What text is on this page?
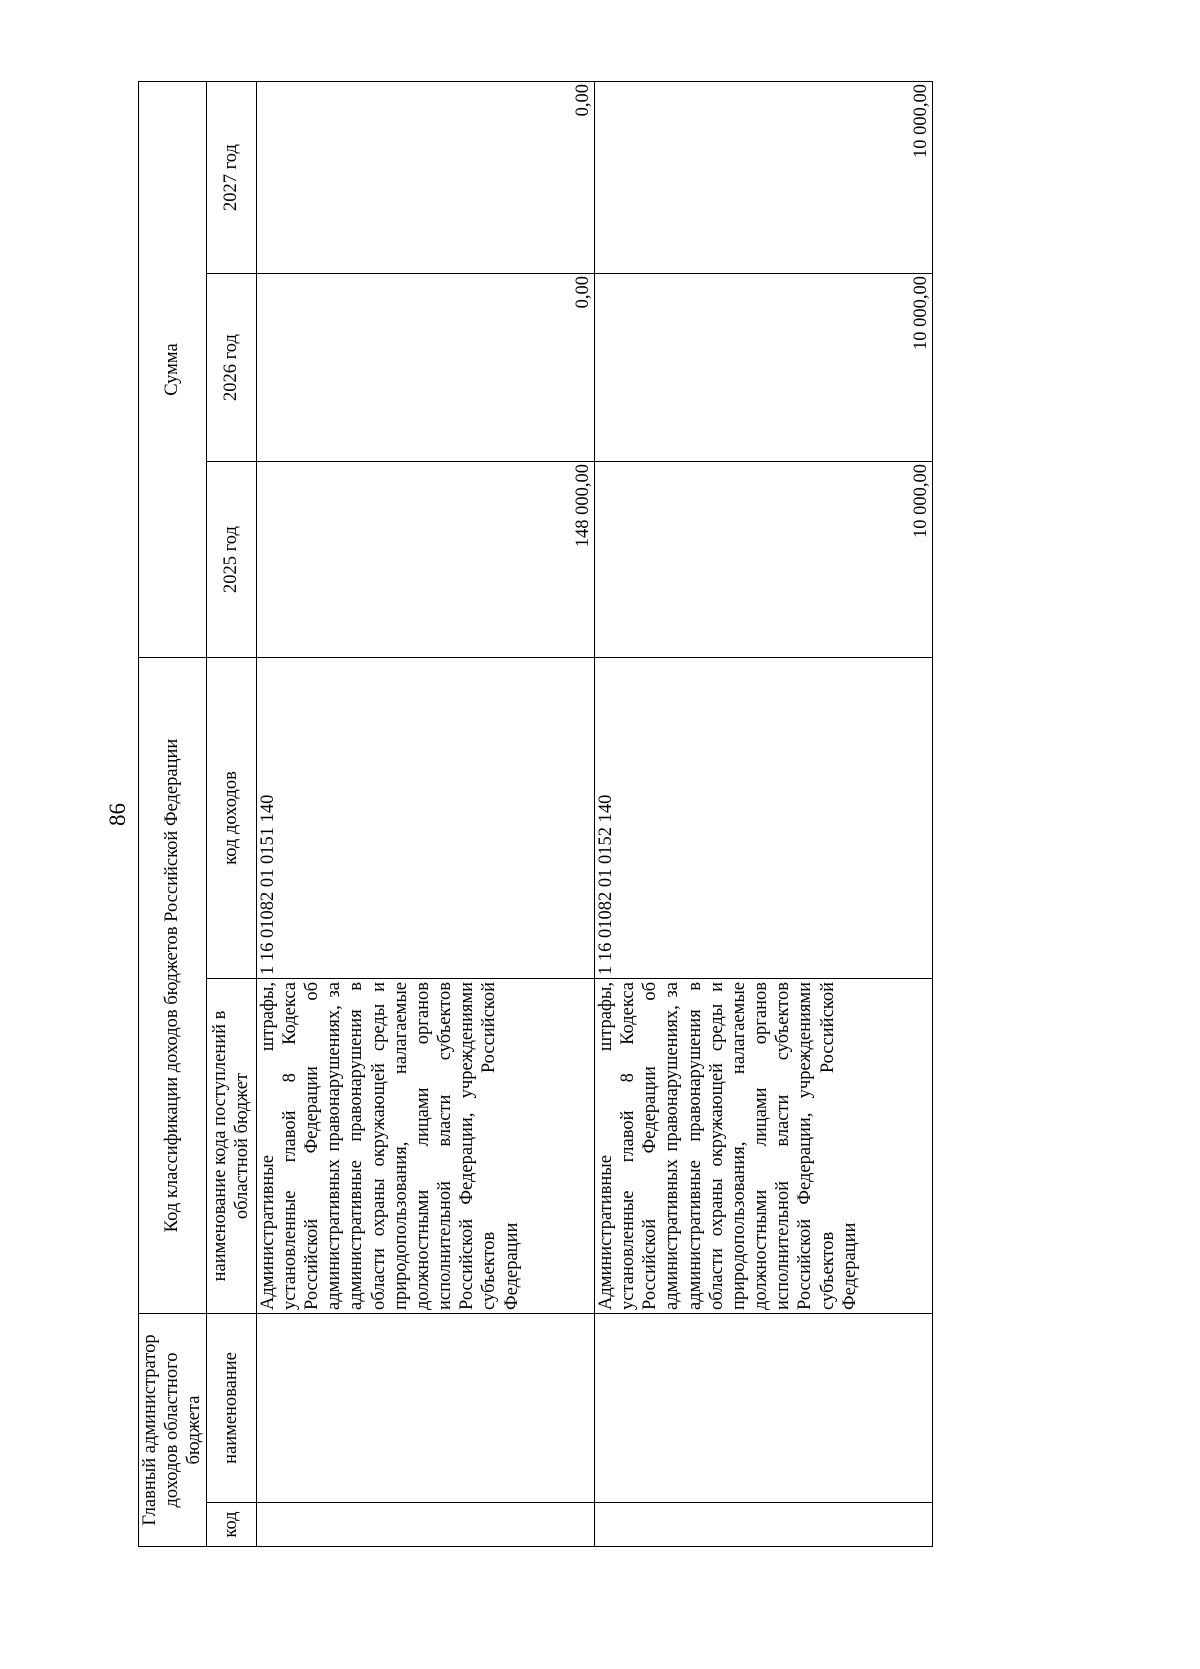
86
Главный администратор доходов областного бюджета		Код классификации доходов бюджетов Российской Федерации		Сумма		
код	наименование	наименование кода поступлений в областной бюджет	код доходов	2025 год	2026 год	2027 год
		Административные штрафы, установленные главой 8 Кодекса Российской Федерации об административных правонарушениях, за административные правонарушения в области охраны окружающей среды и природопользования, налагаемые должностными лицами органов исполнительной власти субъектов Российской Федерации, учреждениями субъектов Российской Федерации	1 16 01082 01 0151 140	148 000,00	0,00	0,00
		Административные штрафы, установленные главой 8 Кодекса Российской Федерации об административных правонарушениях, за административные правонарушения в области охраны окружающей среды и природопользования, налагаемые должностными лицами органов исполнительной власти субъектов Российской Федерации, учреждениями субъектов Российской Федерации	1 16 01082 01 0152 140	10 000,00	10 000,00	10 000,00
